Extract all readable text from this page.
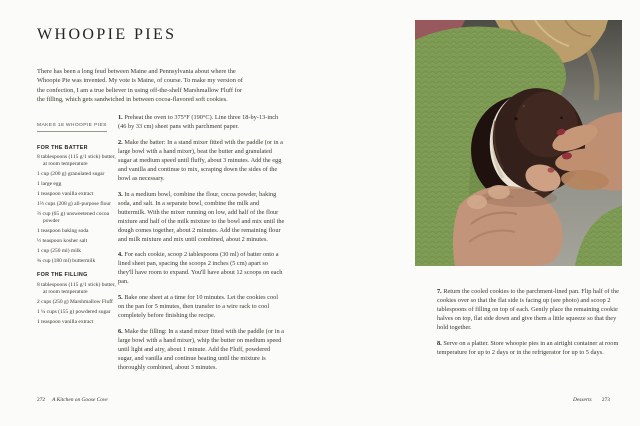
WHOOPIE PIES

There has been a long feud between Maine and Pennsylvania about where the Whoopie Pie was invented. My vote is Maine, of course. To make my version of the confection, I am a true believer in using off-the-shelf Marshmallow Fluff for the filling, which gets sandwiched in between cocoa-flavored soft cookies.

MAKES 18 WHOOPIE PIES
FOR THE BATTER
8 tablespoons (115 g/1 stick) butter, at room temperature
1 cup (200 g) granulated sugar
1 large egg
1 teaspoon vanilla extract
1⅔ cups (208 g) all-purpose flour
⅔ cup (65 g) unsweetened cocoa powder
1 teaspoon baking soda
½ teaspoon kosher salt
1 cup (250 ml) milk
¾ cup (180 ml) buttermilk
FOR THE FILLING
8 tablespoons (115 g/1 stick) butter, at room temperature
2 cups (250 g) Marshmallow Fluff
1 ¼ cups (155 g) powdered sugar
1 teaspoon vanilla extract

1. Preheat the oven to 375°F (190°C). Line three 18-by-13-inch (46 by 33 cm) sheet pans with parchment paper.

2. Make the batter: In a stand mixer fitted with the paddle (or in a large bowl with a hand mixer), beat the butter and granulated sugar at medium speed until fluffy, about 3 minutes. Add the egg and vanilla and continue to mix, scraping down the sides of the bowl as necessary.

3. In a medium bowl, combine the flour, cocoa powder, baking soda, and salt. In a separate bowl, combine the milk and buttermilk. With the mixer running on low, add half of the flour mixture and half of the milk mixture to the bowl and mix until the dough comes together, about 2 minutes. Add the remaining flour and milk mixture and mix until combined, about 2 minutes.

4. For each cookie, scoop 2 tablespoons (30 ml) of batter onto a lined sheet pan, spacing the scoops 2 inches (5 cm) apart so they'll have room to expand. You'll have about 12 scoops on each pan.

5. Bake one sheet at a time for 10 minutes. Let the cookies cool on the pan for 5 minutes, then transfer to a wire rack to cool completely before finishing the recipe.

6. Make the filling: In a stand mixer fitted with the paddle (or in a large bowl with a hand mixer), whip the butter on medium speed until light and airy, about 1 minute. Add the Fluff, powdered sugar, and vanilla and continue beating until the mixture is thoroughly combined, about 3 minutes.

7. Return the cooled cookies to the parchment-lined pan. Flip half of the cookies over so that the flat side is facing up (see photo) and scoop 2 tablespoons of filling on top of each. Gently place the remaining cookie halves on top, flat side down and give them a little squeeze so that they hold together.

8. Serve on a platter. Store whoopie pies in an airtight container at room temperature for up to 2 days or in the refrigerator for up to 5 days.

272 A Kitchen on Goose Cove	Desserts 273
